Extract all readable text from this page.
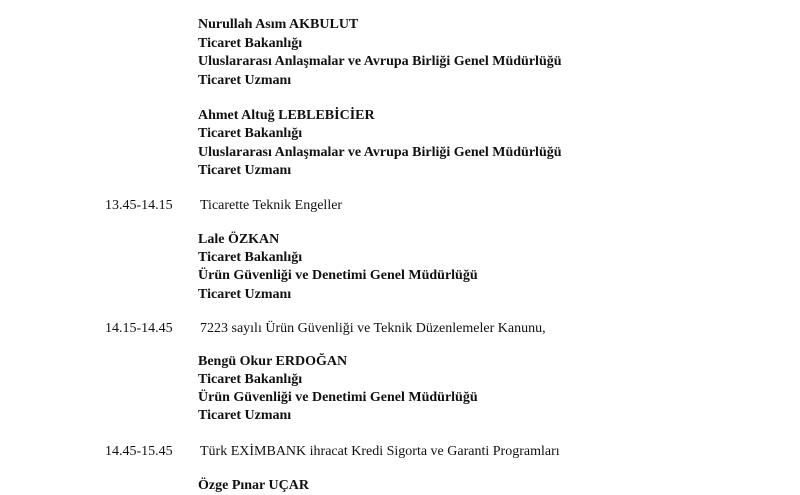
Nurullah Asım AKBULUT
Ticaret Bakanlığı
Uluslararası Anlaşmalar ve Avrupa Birliği Genel Müdürlüğü
Ticaret Uzmanı
Ahmet Altuğ LEBLEBİCİER
Ticaret Bakanlığı
Uluslararası Anlaşmalar ve Avrupa Birliği Genel Müdürlüğü
Ticaret Uzmanı
13.45-14.15 Ticarette Teknik Engeller
Lale ÖZKAN
Ticaret Bakanlığı
Ürün Güvenliği ve Denetimi Genel Müdürlüğü
Ticaret Uzmanı
14.15-14.45 7223 sayılı Ürün Güvenliği ve Teknik Düzenlemeler Kanunu,
Bengü Okur ERDOĞAN
Ticaret Bakanlığı
Ürün Güvenliği ve Denetimi Genel Müdürlüğü
Ticaret Uzmanı
14.45-15.45 Türk EXİMBANK ihracat Kredi Sigorta ve Garanti Programları
Özge Pınar UÇAR
